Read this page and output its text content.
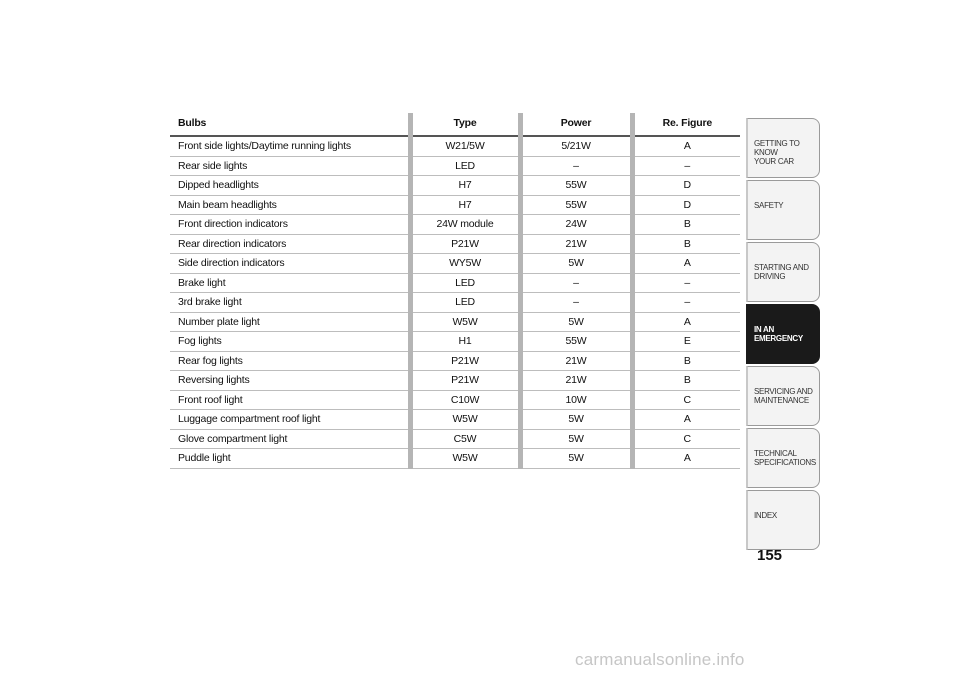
Bulbs	Type	Power	Re. Figure
Front side lights/Daytime running lights	W21/5W	5/21W	A
Rear side lights	LED	–	–
Dipped headlights	H7	55W	D
Main beam headlights	H7	55W	D
Front direction indicators	24W module	24W	B
Rear direction indicators	P21W	21W	B
Side direction indicators	WY5W	5W	A
Brake light	LED	–	–
3rd brake light	LED	–	–
Number plate light	W5W	5W	A
Fog lights	H1	55W	E
Rear fog lights	P21W	21W	B
Reversing lights	P21W	21W	B
Front roof light	C10W	10W	C
Luggage compartment roof light	W5W	5W	A
Glove compartment light	C5W	5W	C
Puddle light	W5W	5W	A
GETTING TO KNOW
YOUR CAR
SAFETY
STARTING AND
DRIVING
IN AN
EMERGENCY
SERVICING AND
MAINTENANCE
TECHNICAL
SPECIFICATIONS
INDEX
155
carmanualsonline.info
